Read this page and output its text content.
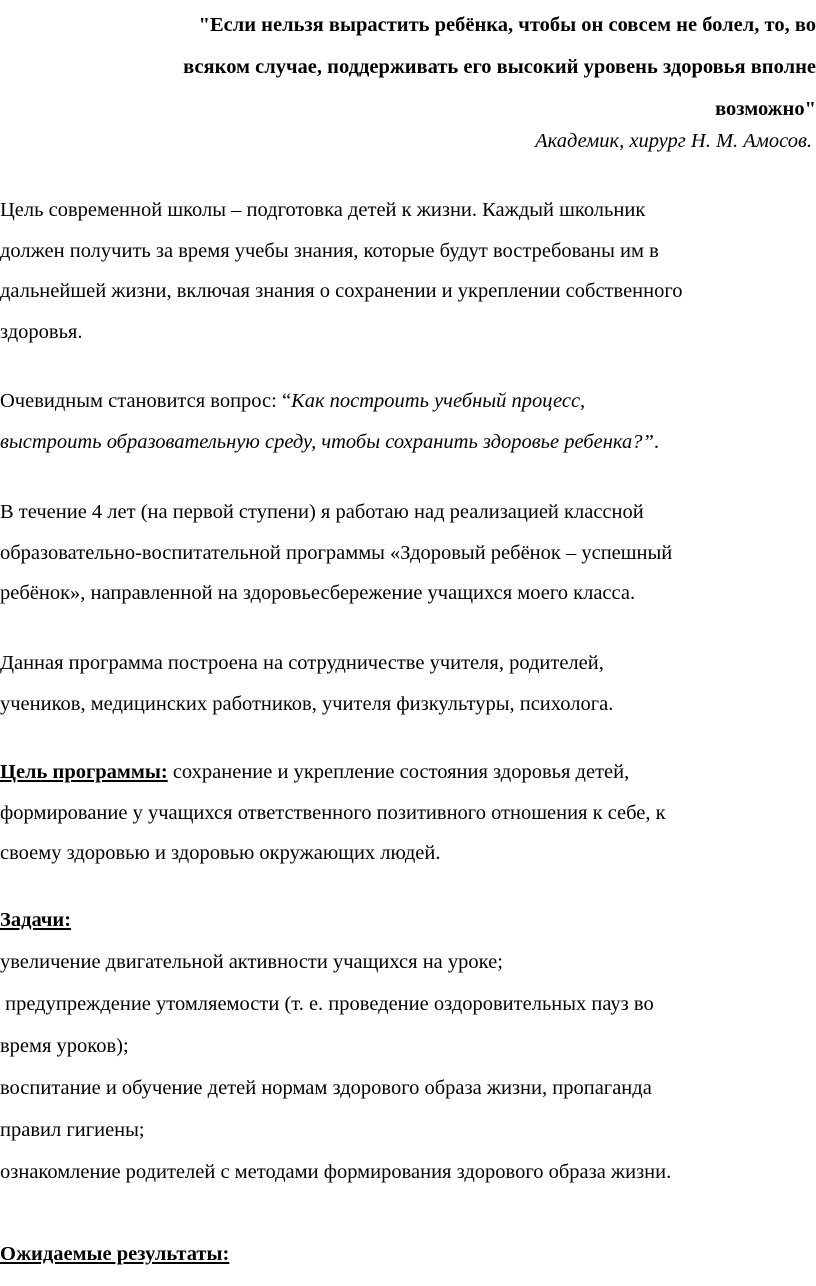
"Если нельзя вырастить ребёнка, чтобы он совсем не болел, то, во
всяком случае, поддерживать его высокий уровень здоровья вполне
возможно"
Академик, хирург Н. М. Амосов.
Цель современной школы – подготовка детей к жизни. Каждый школьник
должен получить за время учебы знания, которые будут востребованы им в
дальнейшей жизни, включая знания о сохранении и укреплении собственного
здоровья.
Очевидным становится вопрос: “Как построить учебный процесс,
выстроить образовательную среду, чтобы сохранить здоровье ребенка?”.
В течение 4 лет (на первой ступени) я работаю над реализацией классной
образовательно-воспитательной программы «Здоровый ребёнок – успешный
ребёнок», направленной на здоровьесбережение учащихся моего класса.
Данная программа построена на сотрудничестве учителя, родителей,
учеников, медицинских работников, учителя физкультуры, психолога.
Цель программы: сохранение и укрепление состояния здоровья детей,
формирование у учащихся ответственного позитивного отношения к себе, к
своему здоровью и здоровью окружающих людей.
Задачи:
увеличение двигательной активности учащихся на уроке;
предупреждение утомляемости (т. е. проведение оздоровительных пауз во
время уроков);
воспитание и обучение детей нормам здорового образа жизни, пропаганда
правил гигиены;
ознакомление родителей с методами формирования здорового образа жизни.
Ожидаемые результаты:
